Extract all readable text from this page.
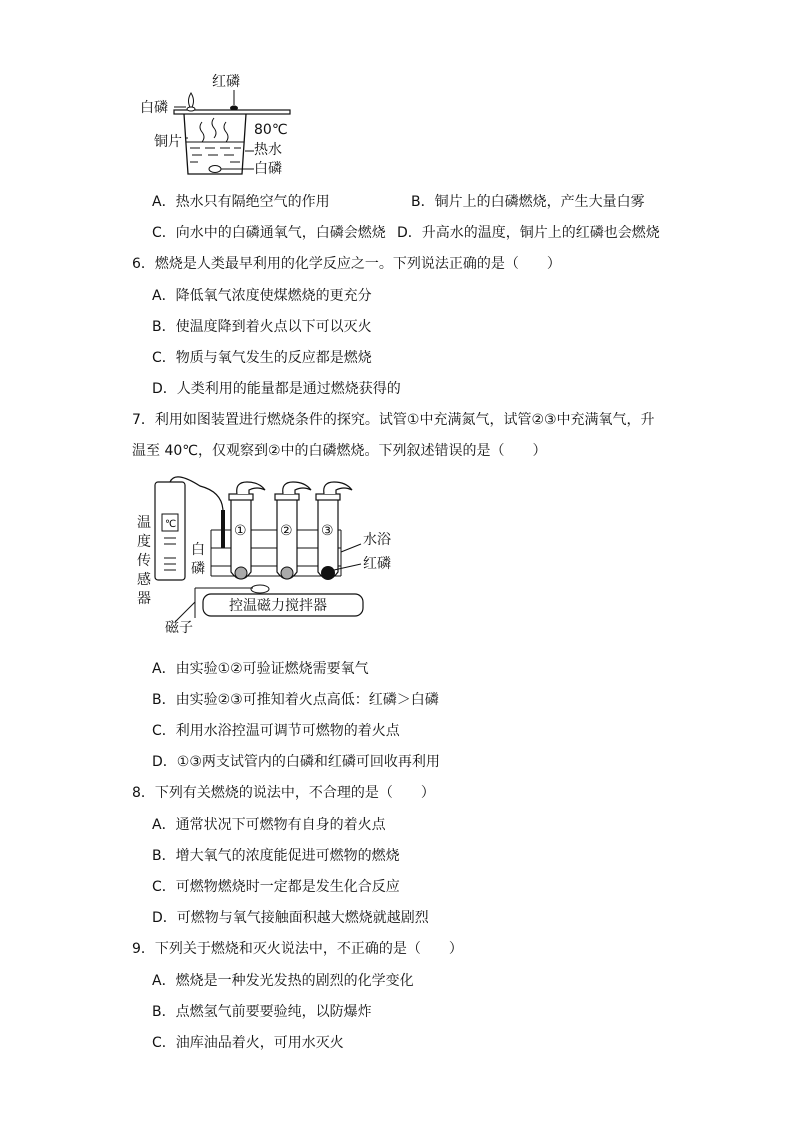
红磷
白磷
铜片
80℃
热水
白磷
A．热水只有隔绝空气的作用	B．铜片上的白磷燃烧，产生大量白雾
C．向水中的白磷通氧气，白磷会燃烧 D．升高水的温度，铜片上的红磷也会燃烧
6．燃烧是人类最早利用的化学反应之一。下列说法正确的是（　　）
A．降低氧气浓度使煤燃烧的更充分
B．使温度降到着火点以下可以灭火
C．物质与氧气发生的反应都是燃烧
D．人类利用的能量都是通过燃烧获得的
7．利用如图装置进行燃烧条件的探究。试管①中充满氮气，试管②③中充满氧气，升
温至 40℃，仅观察到②中的白磷燃烧。下列叙述错误的是（　　）
℃	① ② ③
温
度
传
感
器
白
磷
水浴
红磷
控温磁力搅拌器
磁子
A．由实验①②可验证燃烧需要氧气
B．由实验②③可推知着火点高低：红磷＞白磷
C．利用水浴控温可调节可燃物的着火点
D．①③两支试管内的白磷和红磷可回收再利用
8．下列有关燃烧的说法中，不合理的是（　　）
A．通常状况下可燃物有自身的着火点
B．增大氧气的浓度能促进可燃物的燃烧
C．可燃物燃烧时一定都是发生化合反应
D．可燃物与氧气接触面积越大燃烧就越剧烈
9．下列关于燃烧和灭火说法中，不正确的是（　　）
A．燃烧是一种发光发热的剧烈的化学变化
B．点燃氢气前要要验纯，以防爆炸
C．油库油品着火，可用水灭火
